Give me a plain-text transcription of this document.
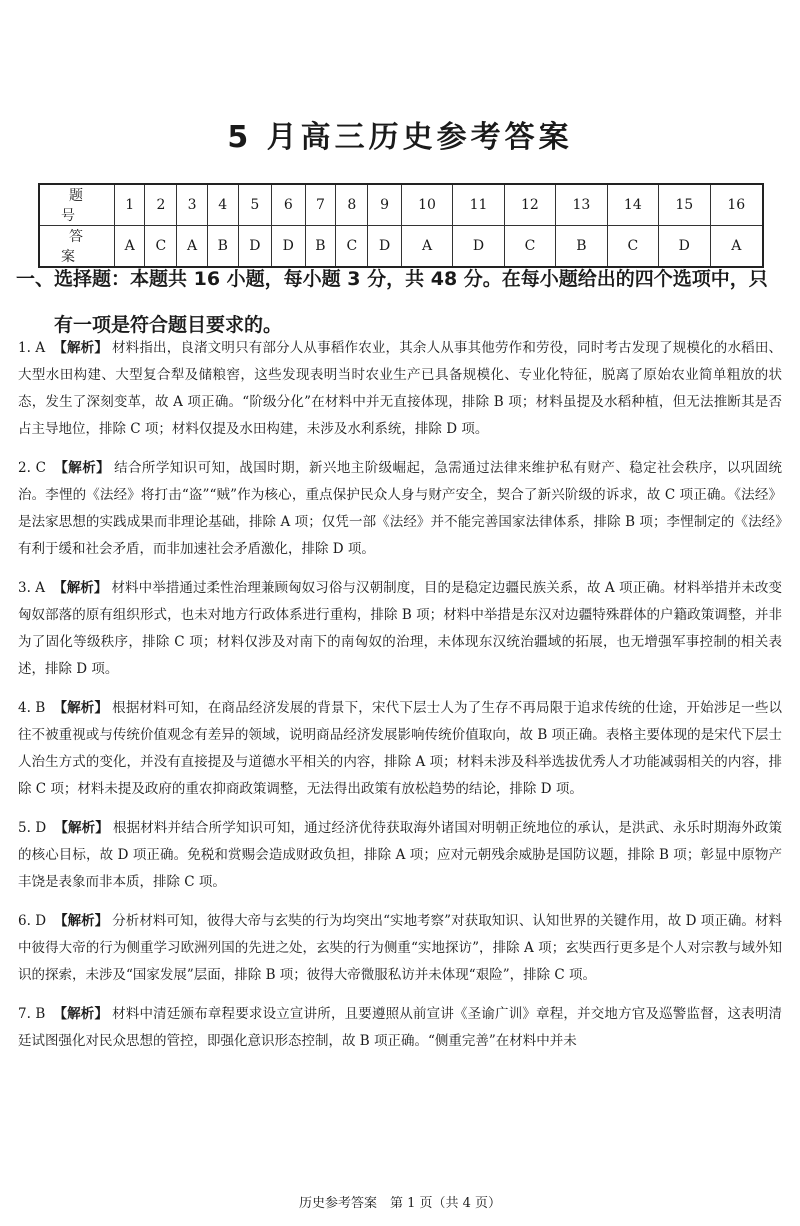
5 月高三历史参考答案
题 号	1	2	3	4	5	6	7	8	9	10	11	12	13	14	15	16
答 案	A	C	A	B	D	D	B	C	D	A	D	C	B	C	D	A
一、选择题：本题共 16 小题，每小题 3 分，共 48 分。在每小题给出的四个选项中，只
有一项是符合题目要求的。
1. A 【解析】 材料指出，良渚文明只有部分人从事稻作农业，其余人从事其他劳作和劳役，同时考古发现了规模化的水稻田、大型水田构建、大型复合犁及储粮窖，这些发现表明当时农业生产已具备规模化、专业化特征，脱离了原始农业简单粗放的状态，发生了深刻变革，故 A 项正确。“阶级分化”在材料中并无直接体现，排除 B 项；材料虽提及水稻种植，但无法推断其是否占主导地位，排除 C 项；材料仅提及水田构建，未涉及水利系统，排除 D 项。
2. C 【解析】 结合所学知识可知，战国时期，新兴地主阶级崛起，急需通过法律来维护私有财产、稳定社会秩序，以巩固统治。李悝的《法经》将打击“盗”“贼”作为核心，重点保护民众人身与财产安全，契合了新兴阶级的诉求，故 C 项正确。《法经》是法家思想的实践成果而非理论基础，排除 A 项；仅凭一部《法经》并不能完善国家法律体系，排除 B 项；李悝制定的《法经》有利于缓和社会矛盾，而非加速社会矛盾激化，排除 D 项。
3. A 【解析】 材料中举措通过柔性治理兼顾匈奴习俗与汉朝制度，目的是稳定边疆民族关系，故 A 项正确。材料举措并未改变匈奴部落的原有组织形式，也未对地方行政体系进行重构，排除 B 项；材料中举措是东汉对边疆特殊群体的户籍政策调整，并非为了固化等级秩序，排除 C 项；材料仅涉及对南下的南匈奴的治理，未体现东汉统治疆域的拓展，也无增强军事控制的相关表述，排除 D 项。
4. B 【解析】 根据材料可知，在商品经济发展的背景下，宋代下层士人为了生存不再局限于追求传统的仕途，开始涉足一些以往不被重视或与传统价值观念有差异的领域，说明商品经济发展影响传统价值取向，故 B 项正确。表格主要体现的是宋代下层士人治生方式的变化，并没有直接提及与道德水平相关的内容，排除 A 项；材料未涉及科举选拔优秀人才功能减弱相关的内容，排除 C 项；材料未提及政府的重农抑商政策调整，无法得出政策有放松趋势的结论，排除 D 项。
5. D 【解析】 根据材料并结合所学知识可知，通过经济优待获取海外诸国对明朝正统地位的承认，是洪武、永乐时期海外政策的核心目标，故 D 项正确。免税和赏赐会造成财政负担，排除 A 项；应对元朝残余威胁是国防议题，排除 B 项；彰显中原物产丰饶是表象而非本质，排除 C 项。
6. D 【解析】 分析材料可知，彼得大帝与玄奘的行为均突出“实地考察”对获取知识、认知世界的关键作用，故 D 项正确。材料中彼得大帝的行为侧重学习欧洲列国的先进之处，玄奘的行为侧重“实地探访”，排除 A 项；玄奘西行更多是个人对宗教与域外知识的探索，未涉及“国家发展”层面，排除 B 项；彼得大帝微服私访并未体现“艰险”，排除 C 项。
7. B 【解析】 材料中清廷颁布章程要求设立宣讲所，且要遵照从前宣讲《圣谕广训》章程，并交地方官及巡警监督，这表明清廷试图强化对民众思想的管控，即强化意识形态控制，故 B 项正确。“侧重完善”在材料中并未
历史参考答案　第 1 页（共 4 页）
